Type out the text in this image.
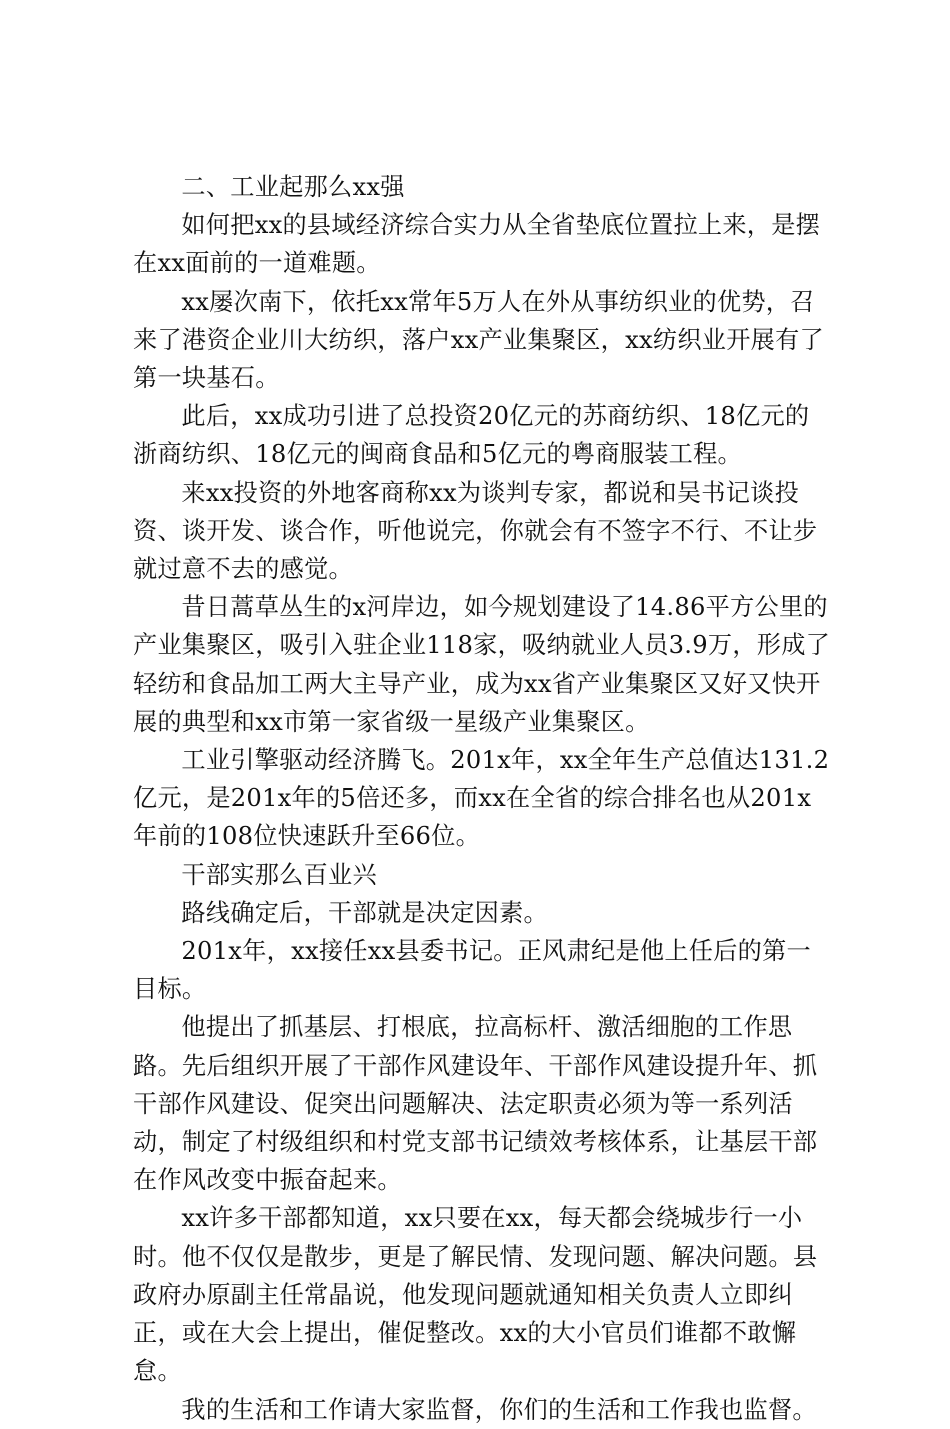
二、工业起那么xx强

如何把xx的县域经济综合实力从全省垫底位置拉上来，是摆在xx面前的一道难题。

xx屡次南下，依托xx常年5万人在外从事纺织业的优势，召来了港资企业川大纺织，落户xx产业集聚区，xx纺织业开展有了第一块基石。

此后，xx成功引进了总投资20亿元的苏商纺织、18亿元的浙商纺织、18亿元的闽商食品和5亿元的粤商服装工程。

来xx投资的外地客商称xx为谈判专家，都说和吴书记谈投资、谈开发、谈合作，听他说完，你就会有不签字不行、不让步就过意不去的感觉。

昔日蒿草丛生的x河岸边，如今规划建设了14.86平方公里的产业集聚区，吸引入驻企业118家，吸纳就业人员3.9万，形成了轻纺和食品加工两大主导产业，成为xx省产业集聚区又好又快开展的典型和xx市第一家省级一星级产业集聚区。

工业引擎驱动经济腾飞。201x年，xx全年生产总值达131.2亿元，是201x年的5倍还多，而xx在全省的综合排名也从201x年前的108位快速跃升至66位。

干部实那么百业兴

路线确定后，干部就是决定因素。

201x年，xx接任xx县委书记。正风肃纪是他上任后的第一目标。

他提出了抓基层、打根底，拉高标杆、激活细胞的工作思路。先后组织开展了干部作风建设年、干部作风建设提升年、抓干部作风建设、促突出问题解决、法定职责必须为等一系列活动，制定了村级组织和村党支部书记绩效考核体系，让基层干部在作风改变中振奋起来。

xx许多干部都知道，xx只要在xx，每天都会绕城步行一小时。他不仅仅是散步，更是了解民情、发现问题、解决问题。县政府办原副主任常晶说，他发现问题就通知相关负责人立即纠正，或在大会上提出，催促整改。xx的大小官员们谁都不敢懈怠。

我的生活和工作请大家监督，你们的生活和工作我也监督。
